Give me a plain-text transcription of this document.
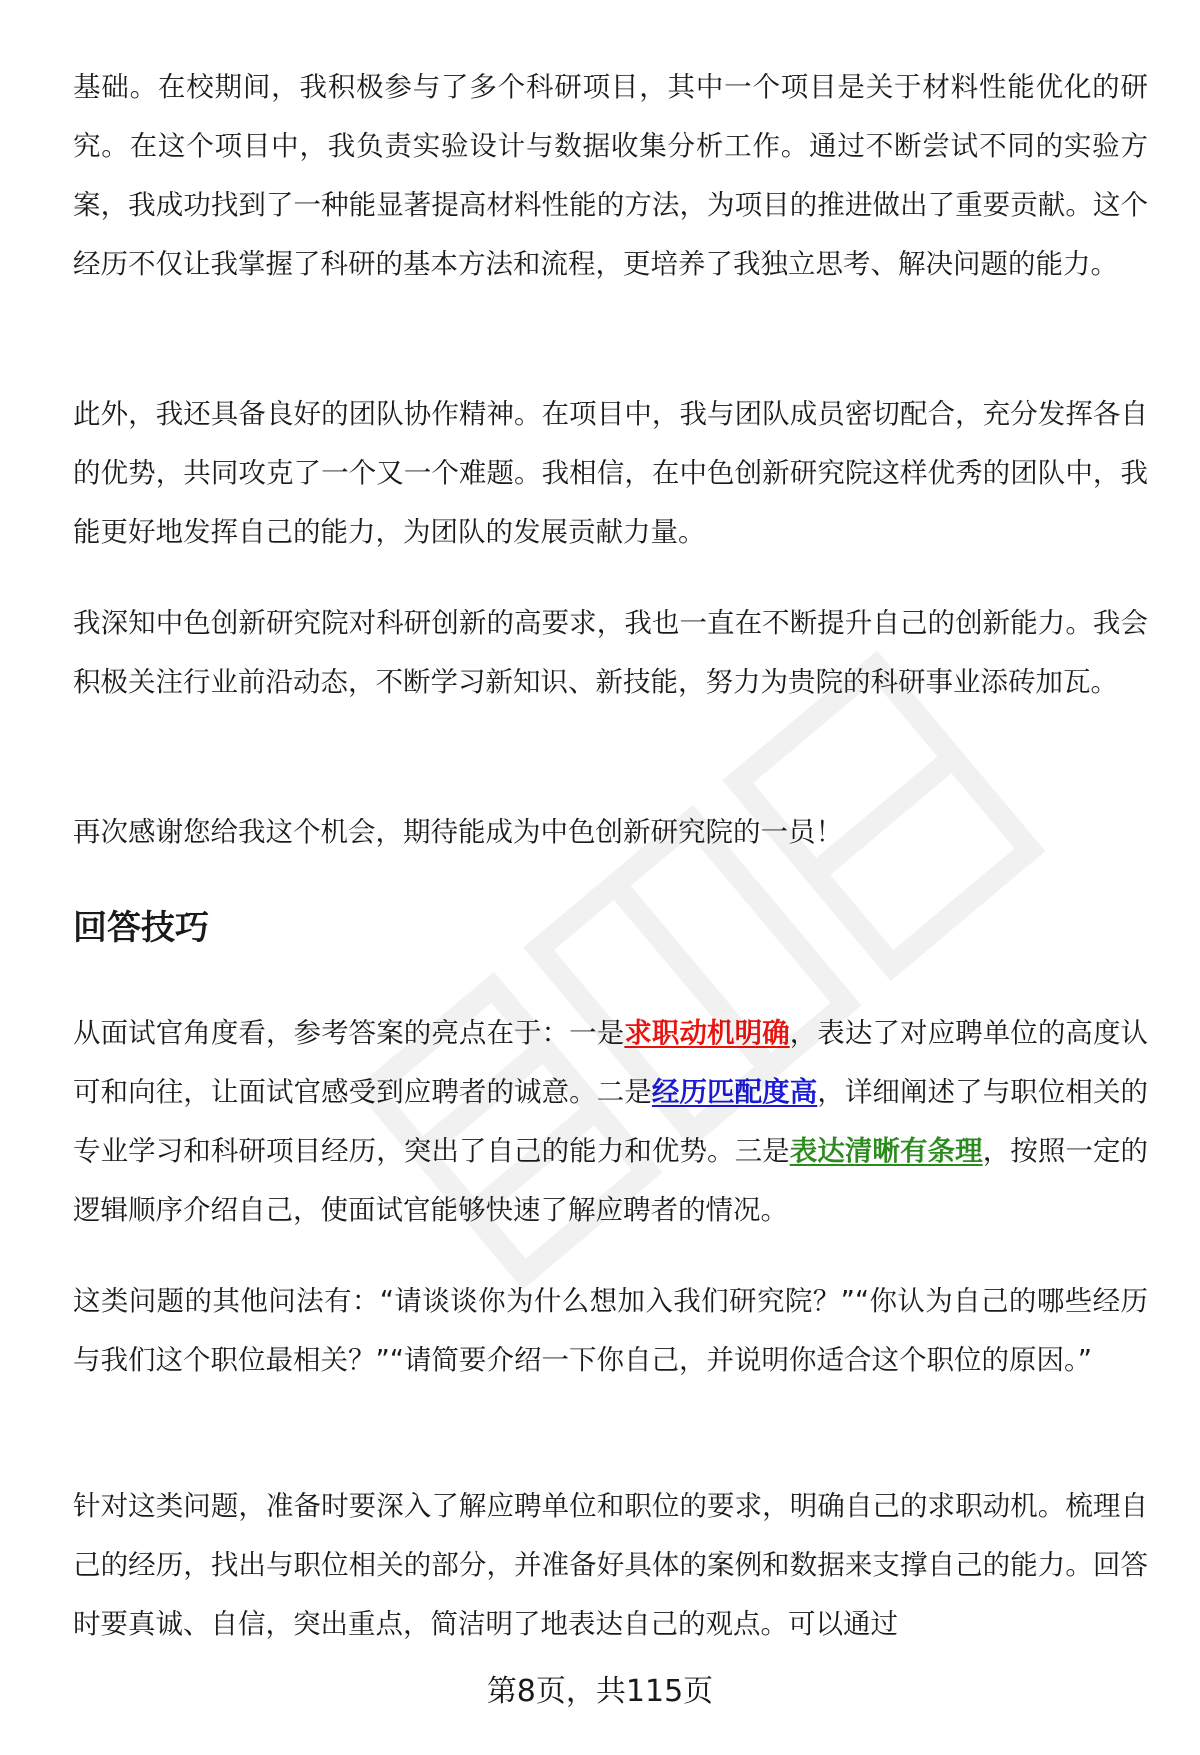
基础。在校期间，我积极参与了多个科研项目，其中一个项目是关于材料性能优化的研究。在这个项目中，我负责实验设计与数据收集分析工作。通过不断尝试不同的实验方案，我成功找到了一种能显著提高材料性能的方法，为项目的推进做出了重要贡献。这个经历不仅让我掌握了科研的基本方法和流程，更培养了我独立思考、解决问题的能力。

此外，我还具备良好的团队协作精神。在项目中，我与团队成员密切配合，充分发挥各自的优势，共同攻克了一个又一个难题。我相信，在中色创新研究院这样优秀的团队中，我能更好地发挥自己的能力，为团队的发展贡献力量。

我深知中色创新研究院对科研创新的高要求，我也一直在不断提升自己的创新能力。我会积极关注行业前沿动态，不断学习新知识、新技能，努力为贵院的科研事业添砖加瓦。

再次感谢您给我这个机会，期待能成为中色创新研究院的一员！

回答技巧

从面试官角度看，参考答案的亮点在于：一是求职动机明确，表达了对应聘单位的高度认可和向往，让面试官感受到应聘者的诚意。二是经历匹配度高，详细阐述了与职位相关的专业学习和科研项目经历，突出了自己的能力和优势。三是表达清晰有条理，按照一定的逻辑顺序介绍自己，使面试官能够快速了解应聘者的情况。

这类问题的其他问法有：“请谈谈你为什么想加入我们研究院？”“你认为自己的哪些经历与我们这个职位最相关？”“请简要介绍一下你自己，并说明你适合这个职位的原因。”

针对这类问题，准备时要深入了解应聘单位和职位的要求，明确自己的求职动机。梳理自己的经历，找出与职位相关的部分，并准备好具体的案例和数据来支撑自己的能力。回答时要真诚、自信，突出重点，简洁明了地表达自己的观点。可以通过

第8页，共115页
